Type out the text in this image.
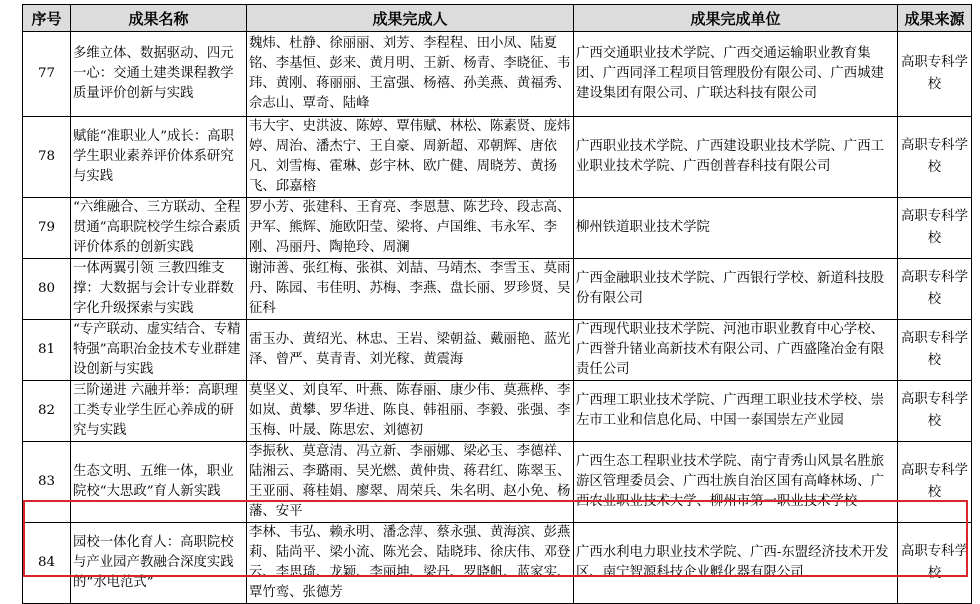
序号	成果名称	成果完成人	成果完成单位	成果来源
77	多维立体、数据驱动、四元一心：交通土建类课程教学质量评价创新与实践	魏炜、杜静、徐丽丽、刘芳、李程程、田小凤、陆夏铭、李基恒、彭来、黄月明、王新、杨青、李晓征、韦玮、黄刚、蒋丽丽、王富强、杨禧、孙美燕、黄福秀、佘志山、覃奇、陆峰	广西交通职业技术学院、广西交通运输职业教育集团、广西同泽工程项目管理股份有限公司、广西城建建设集团有限公司、广联达科技有限公司	高职专科学校
78	赋能“准职业人”成长：高职学生职业素养评价体系研究与实践	韦大宇、史洪波、陈婷、覃伟赋、林松、陈素贤、庞炜婷、周治、潘杰宁、王自豪、周新超、邓朝辉、唐依凡、刘雪梅、霍琳、彭宇林、欧广健、周晓芳、黄扬飞、邱嘉榕	广西职业技术学院、广西建设职业技术学院、广西工业职业技术学院、广西创普春科技有限公司	高职专科学校
79	“六维融合、三方联动、全程贯通”高职院校学生综合素质评价体系的创新实践	罗小芳、张建科、王育亮、李恩慧、陈艺玲、段志高、尹军、熊辉、施欧阳莹、梁将、卢国维、韦永军、李刚、冯丽丹、陶艳玲、周澜	柳州铁道职业技术学院	高职专科学校
80	一体两翼引领 三教四维支撑：大数据与会计专业群数字化升级探索与实践	谢沛善、张红梅、张祺、刘喆、马靖杰、李雪玉、莫雨丹、陈园、韦佳明、苏梅、李燕、盘长丽、罗珍贤、吴征科	广西金融职业技术学院、广西银行学校、新道科技股份有限公司	高职专科学校
81	“专产联动、虚实结合、专精特强”高职冶金技术专业群建设创新与实践	雷玉办、黄绍光、林忠、王岩、梁朝益、戴丽艳、蓝光泽、曾严、莫青青、刘光稼、黄震海	广西现代职业技术学院、河池市职业教育中心学校、广西誉升锗业高新技术有限公司、广西盛隆冶金有限责任公司	高职专科学校
82	三阶递进 六融并举：高职理工类专业学生匠心养成的研究与实践	莫坚义、刘良军、叶燕、陈春丽、康少伟、莫燕桦、李如岚、黄攀、罗华进、陈良、韩祖丽、李毅、张强、李玉梅、叶晟、陈思宏、刘德初	广西理工职业技术学院、广西理工职业技术学校、崇左市工业和信息化局、中国一泰国崇左产业园	高职专科学校
83	生态文明、五维一体，职业院校“大思政”育人新实践	李振秋、莫意清、冯立新、李丽娜、梁必玉、李德祥、陆湘云、李璐雨、吴光燃、黄仲贵、蒋君红、陈翠玉、王亚丽、蒋桂娟、廖翠、周荣兵、朱名明、赵小免、杨藩、安平	广西生态工程职业技术学院、南宁青秀山风景名胜旅游区管理委员会、广西壮族自治区国有高峰林场、广西农业职业技术大学、柳州市第一职业技术学校	高职专科学校
84	园校一体化育人：高职院校与产业园产教融合深度实践的“水电范式”	李林、韦弘、赖永明、潘念萍、蔡永强、黄海滨、彭燕莉、陆尚平、梁小流、陈光会、陆晓玮、徐庆伟、邓登云、李思琦、龙颖、李丽坤、梁丹、罗晓帆、蓝家实、覃竹鸾、张德芳	广西水利电力职业技术学院、广西-东盟经济技术开发区、南宁智源科技企业孵化器有限公司	高职专科学校
